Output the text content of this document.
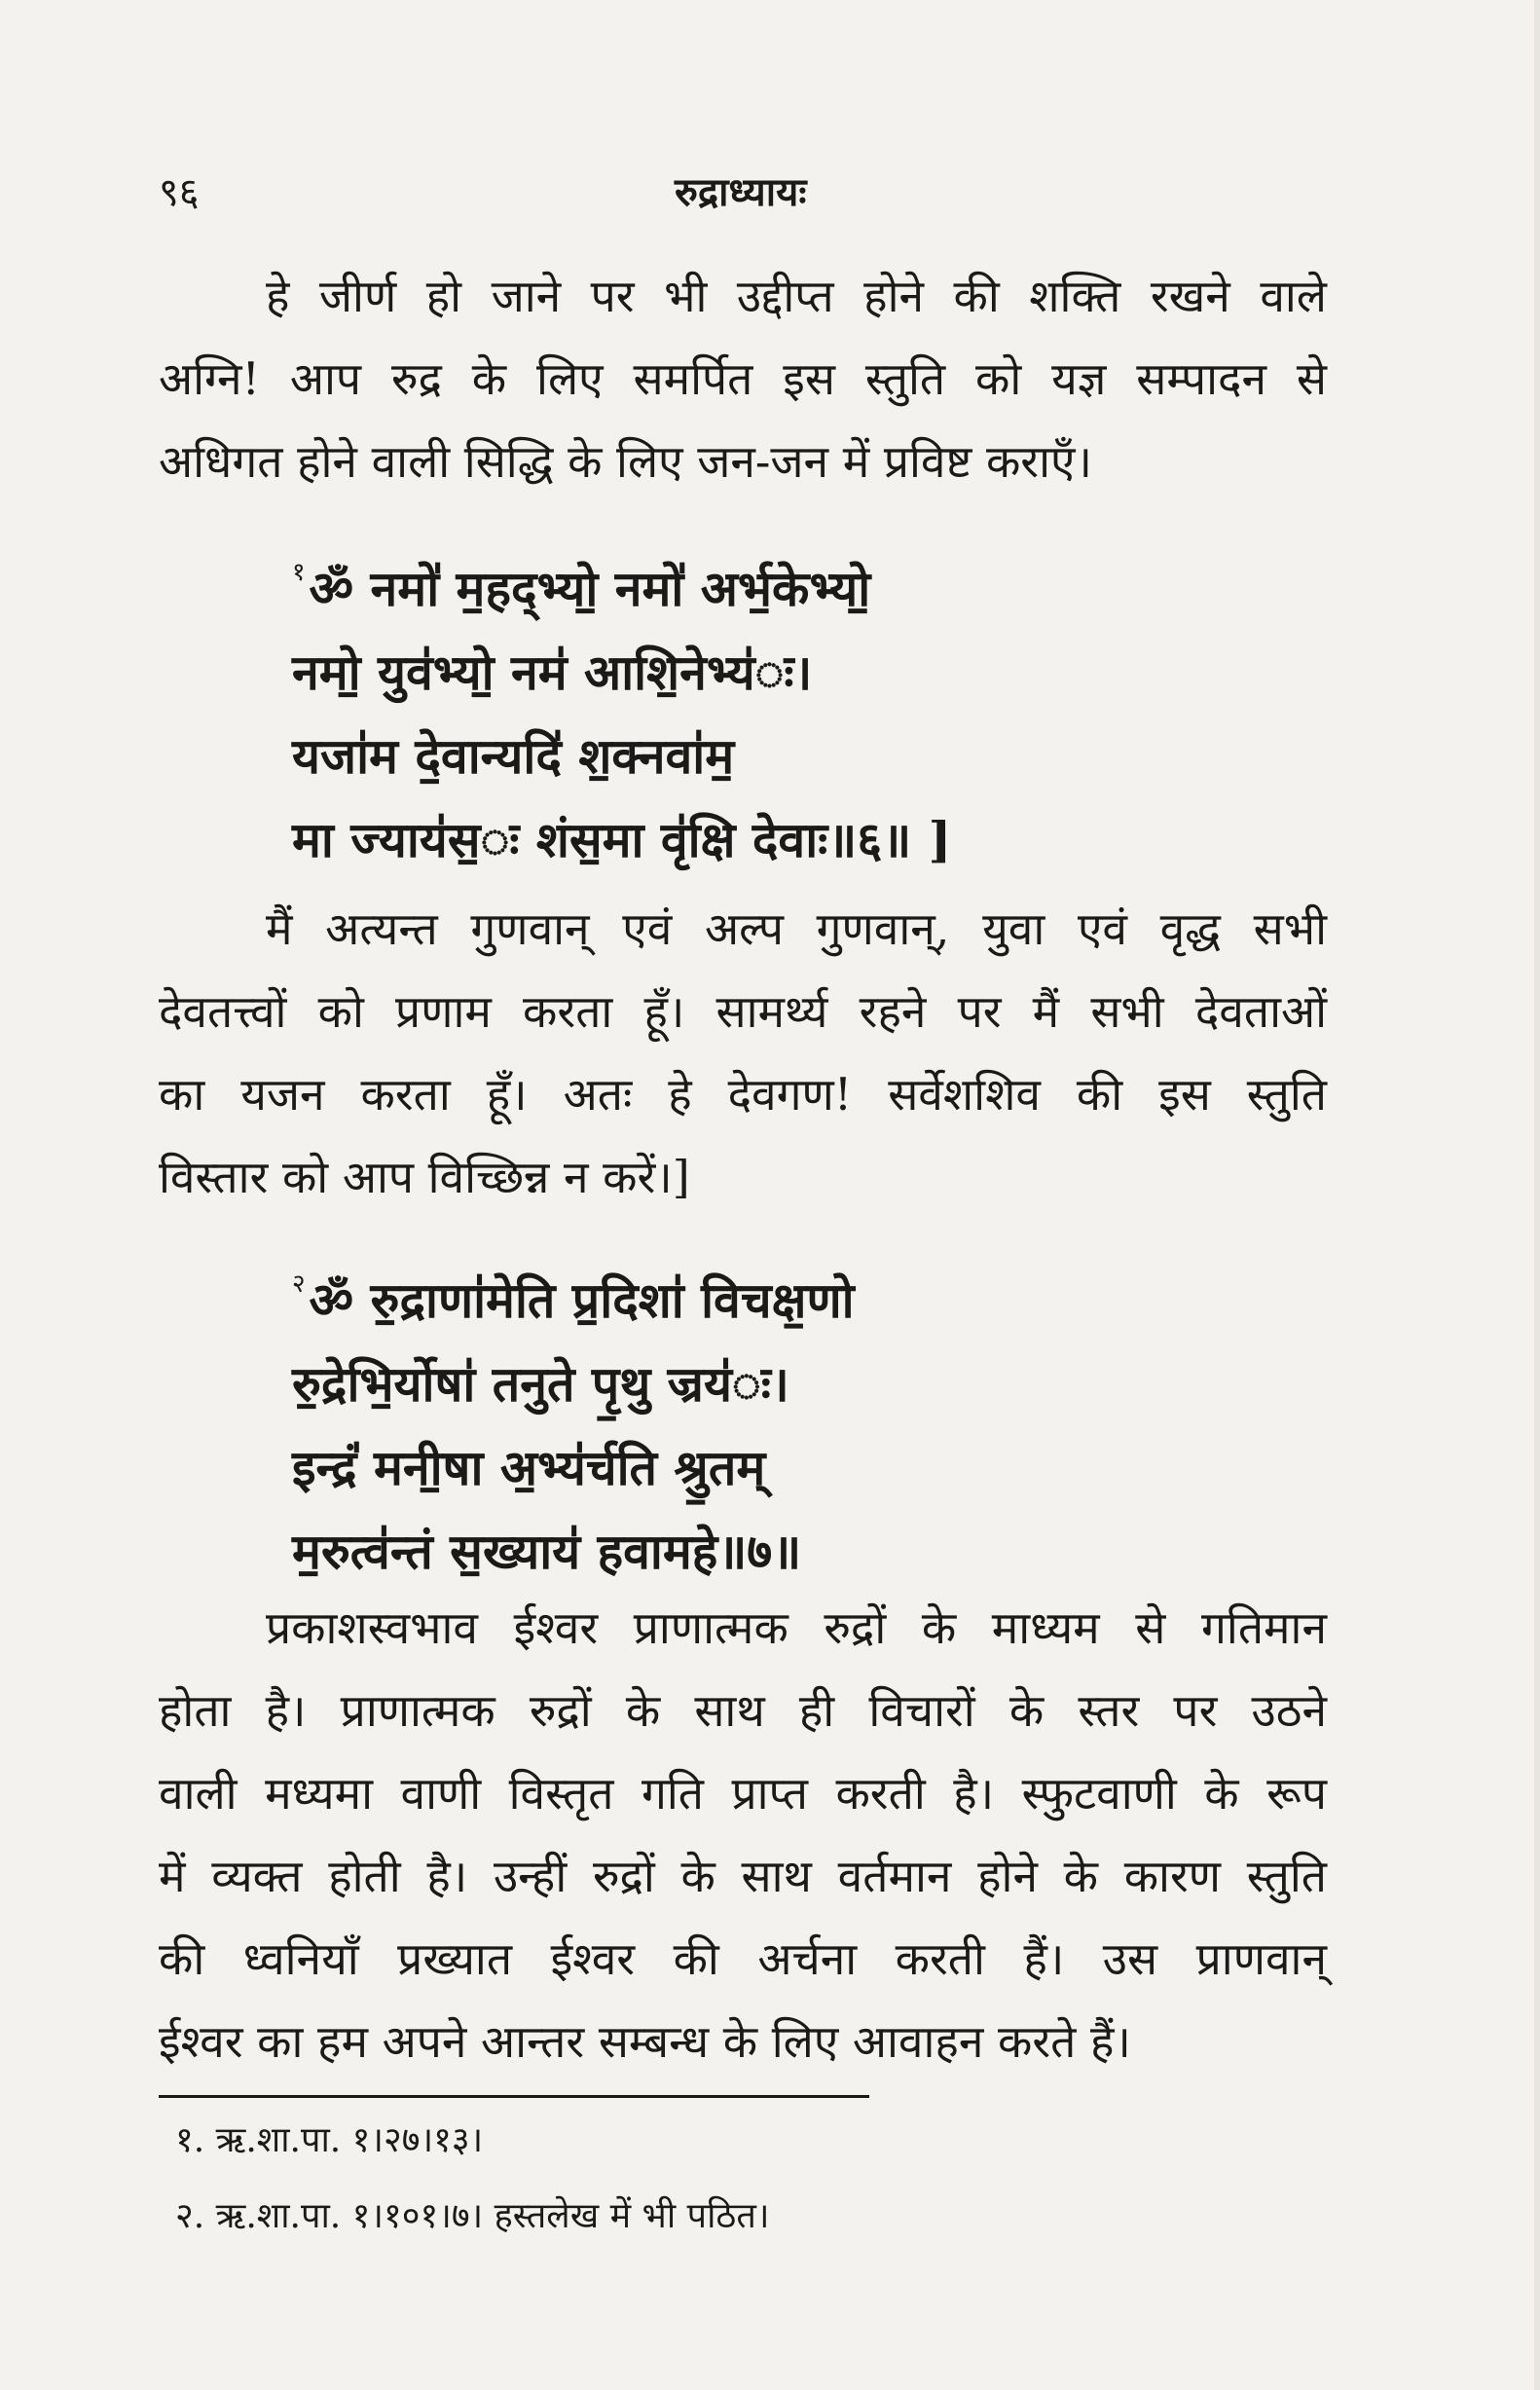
९६	रुद्राध्यायः

हे जीर्ण हो जाने पर भी उद्दीप्त होने की शक्ति रखने वाले
अग्नि! आप रुद्र के लिए समर्पित इस स्तुति को यज्ञ सम्पादन से
अधिगत होने वाली सिद्धि के लिए जन-जन में प्रविष्ट कराएँ।

$^१$ॐ नमो॑ म॒हद्भ्यो॒ नमो॑ अर्भ॒केभ्यो॒
नमो॒ युव॑भ्यो॒ नम॑ आशि॒नेभ्य॑ः।
यजा॑म दे॒वान्यदि॑ श॒क्नवा॑म॒
मा ज्याय॑स॒ः शंस॒मा वृ॑क्षि देवाः॥६॥ ]

मैं अत्यन्त गुणवान् एवं अल्प गुणवान्, युवा एवं वृद्ध सभी
देवतत्त्वों को प्रणाम करता हूँ। सामर्थ्य रहने पर मैं सभी देवताओं
का यजन करता हूँ। अतः हे देवगण! सर्वेशशिव की इस स्तुति
विस्तार को आप विच्छिन्न न करें।]

$^२$ॐ रु॒द्राणा॑मेति प्र॒दिशा॑ विचक्ष॒णो
रु॒द्रेभि॒र्योषा॑ तनुते पृ॒थु ज्रय॑ः।
इन्द्रं॑ मनी॒षा अ॒भ्य॑र्चति श्रु॒तम्
म॒रुत्व॑न्तं स॒ख्याय॑ हवामहे॥७॥

प्रकाशस्वभाव ईश्वर प्राणात्मक रुद्रों के माध्यम से गतिमान
होता है। प्राणात्मक रुद्रों के साथ ही विचारों के स्तर पर उठने
वाली मध्यमा वाणी विस्तृत गति प्राप्त करती है। स्फुटवाणी के रूप
में व्यक्त होती है। उन्हीं रुद्रों के साथ वर्तमान होने के कारण स्तुति
की ध्वनियाँ प्रख्यात ईश्वर की अर्चना करती हैं। उस प्राणवान्
ईश्वर का हम अपने आन्तर सम्बन्ध के लिए आवाहन करते हैं।

१. ऋ.शा.पा. १।२७।१३।
२. ऋ.शा.पा. १।१०१।७। हस्तलेख में भी पठित।
